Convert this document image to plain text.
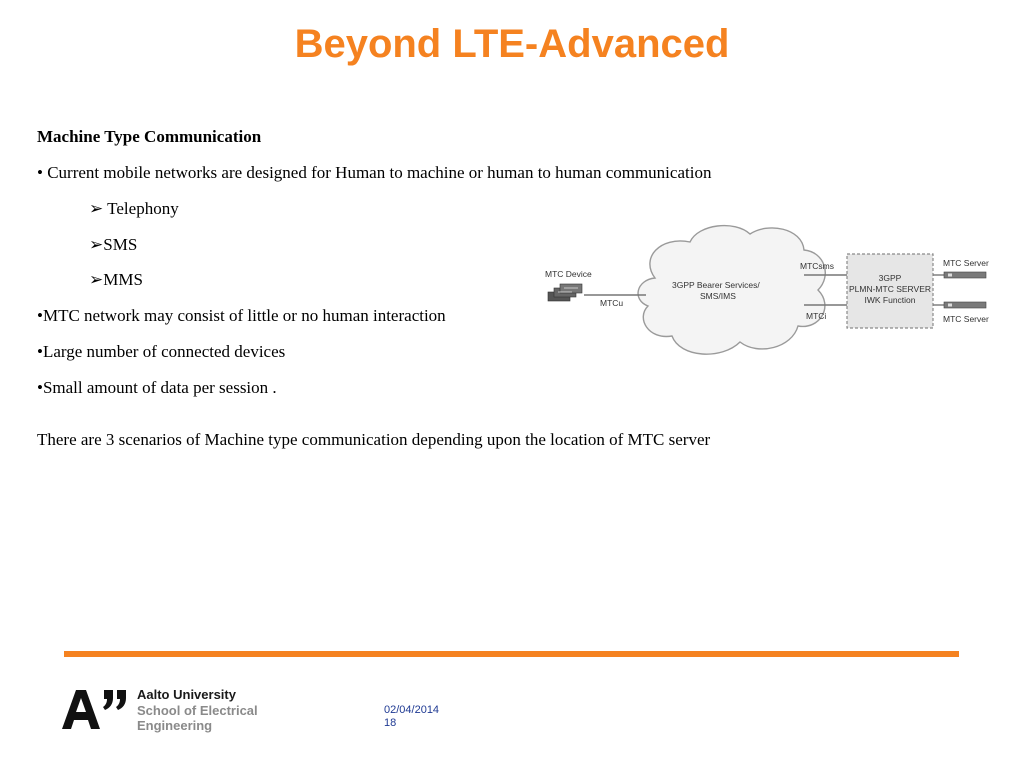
Beyond LTE-Advanced
Machine Type Communication
• Current mobile networks are designed for Human to machine or human to human communication
➢ Telephony
➢SMS
➢MMS
•MTC network may consist of little or no human interaction
•Large number of connected devices
•Small amount of data per session .
There are 3 scenarios of Machine type communication depending upon the location of MTC server
3GPP Bearer Services/
SMS/IMS
MTC Device
MTCu
MTCsms
MTCi
3GPP
PLMN-MTC SERVER
IWK Function
MTC Server
MTC Server
Aalto University
School of Electrical
Engineering
02/04/2014
18
